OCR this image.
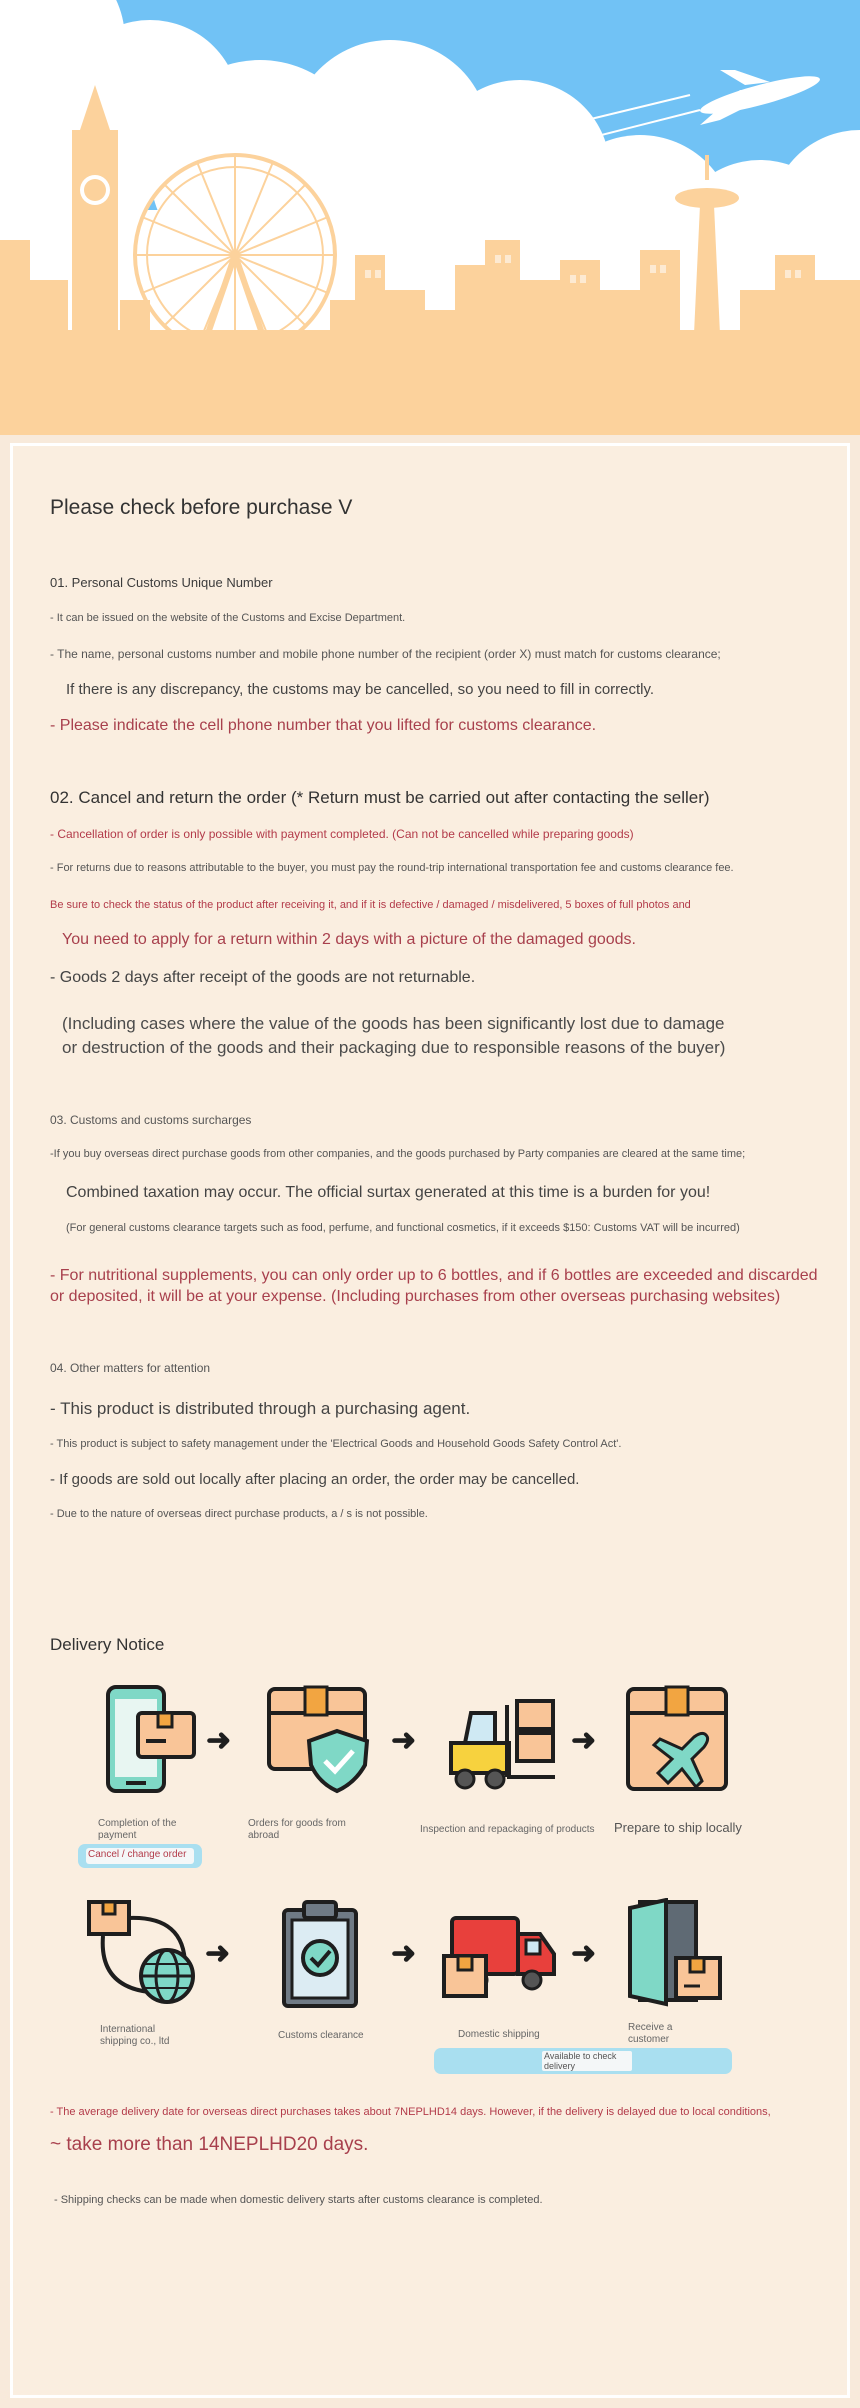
Please check before purchase V
01. Personal Customs Unique Number
- It can be issued on the website of the Customs and Excise Department.
- The name, personal customs number and mobile phone number of the recipient (order X) must match for customs clearance;
If there is any discrepancy, the customs may be cancelled, so you need to fill in correctly.
- Please indicate the cell phone number that you lifted for customs clearance.
02. Cancel and return the order (* Return must be carried out after contacting the seller)
- Cancellation of order is only possible with payment completed. (Can not be cancelled while preparing goods)
- For returns due to reasons attributable to the buyer, you must pay the round-trip international transportation fee and customs clearance fee.
Be sure to check the status of the product after receiving it, and if it is defective / damaged / misdelivered, 5 boxes of full photos and
You need to apply for a return within 2 days with a picture of the damaged goods.
- Goods 2 days after receipt of the goods are not returnable.
(Including cases where the value of the goods has been significantly lost due to damage
or destruction of the goods and their packaging due to responsible reasons of the buyer)
03. Customs and customs surcharges
-If you buy overseas direct purchase goods from other companies, and the goods purchased by Party companies are cleared at the same time;
Combined taxation may occur. The official surtax generated at this time is a burden for you!
(For general customs clearance targets such as food, perfume, and functional cosmetics, if it exceeds $150: Customs VAT will be incurred)
- For nutritional supplements, you can only order up to 6 bottles, and if 6 bottles are exceeded and discarded
or deposited, it will be at your expense. (Including purchases from other overseas purchasing websites)
04. Other matters for attention
- This product is distributed through a purchasing agent.
- This product is subject to safety management under the 'Electrical Goods and Household Goods Safety Control Act'.
- If goods are sold out locally after placing an order, the order may be cancelled.
- Due to the nature of overseas direct purchase products, a / s is not possible.
Delivery Notice
➜	➜	➜
Completion of the payment
Orders for goods from abroad
Inspection and repackaging of products	Prepare to ship locally
Cancel / change order
➜	➜	➜
International shipping co., ltd
Customs clearance	Domestic shipping
Receive a customer
Available to check delivery
- The average delivery date for overseas direct purchases takes about 7NEPLHD14 days. However, if the delivery is delayed due to local conditions,
~ take more than 14NEPLHD20 days.
- Shipping checks can be made when domestic delivery starts after customs clearance is completed.
